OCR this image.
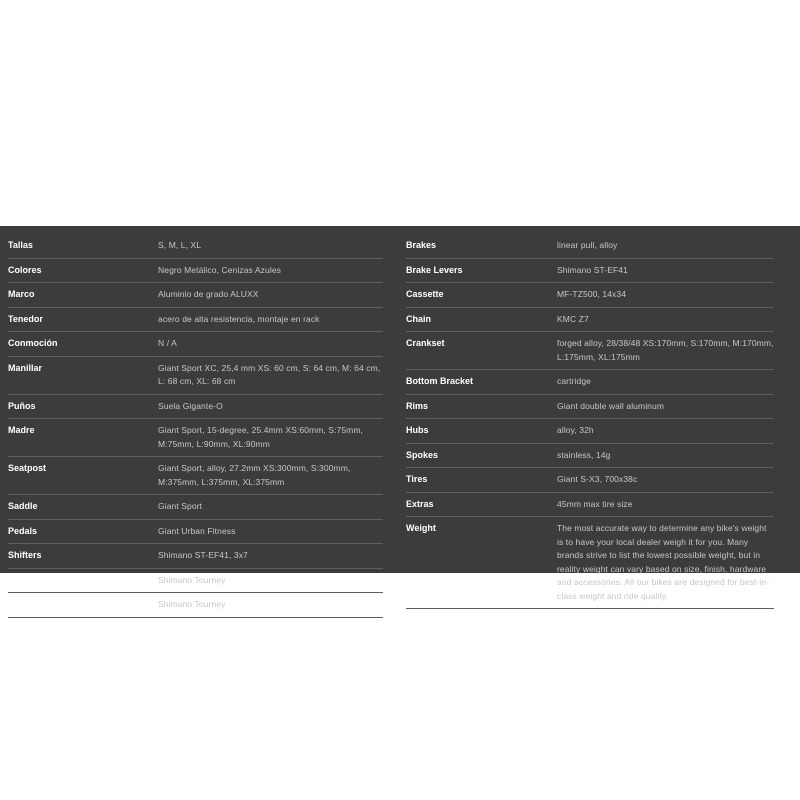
Tallas	S, M, L, XL
Colores	Negro Metálico, Cenizas Azules
Marco	Aluminio de grado ALUXX
Tenedor	acero de alta resistencia, montaje en rack
Conmoción	N / A
Manillar	Giant Sport XC, 25,4 mm XS: 60 cm, S: 64 cm, M: 64 cm, L: 68 cm, XL: 68 cm
Puños	Suela Gigante-O
Madre	Giant Sport, 15-degree, 25.4mm XS:60mm, S:75mm, M:75mm, L:90mm, XL:90mm
Seatpost	Giant Sport, alloy, 27.2mm XS:300mm, S:300mm, M:375mm, L:375mm, XL:375mm
Saddle	Giant Sport
Pedals	Giant Urban Fitness
Shifters	Shimano ST-EF41, 3x7
Front Derailleur	Shimano Tourney
Rear Derailleur	Shimano Tourney
Brakes	linear pull, alloy
Brake Levers	Shimano ST-EF41
Cassette	MF-TZ500, 14x34
Chain	KMC Z7
Crankset	forged alloy, 28/38/48 XS:170mm, S:170mm, M:170mm, L:175mm, XL:175mm
Bottom Bracket	cartridge
Rims	Giant double wall aluminum
Hubs	alloy, 32h
Spokes	stainless, 14g
Tires	Giant S-X3, 700x38c
Extras	45mm max tire size
Weight	The most accurate way to determine any bike's weight is to have your local dealer weigh it for you. Many brands strive to list the lowest possible weight, but in reality weight can vary based on size, finish, hardware and accessories. All our bikes are designed for best-in-class weight and ride quality.
